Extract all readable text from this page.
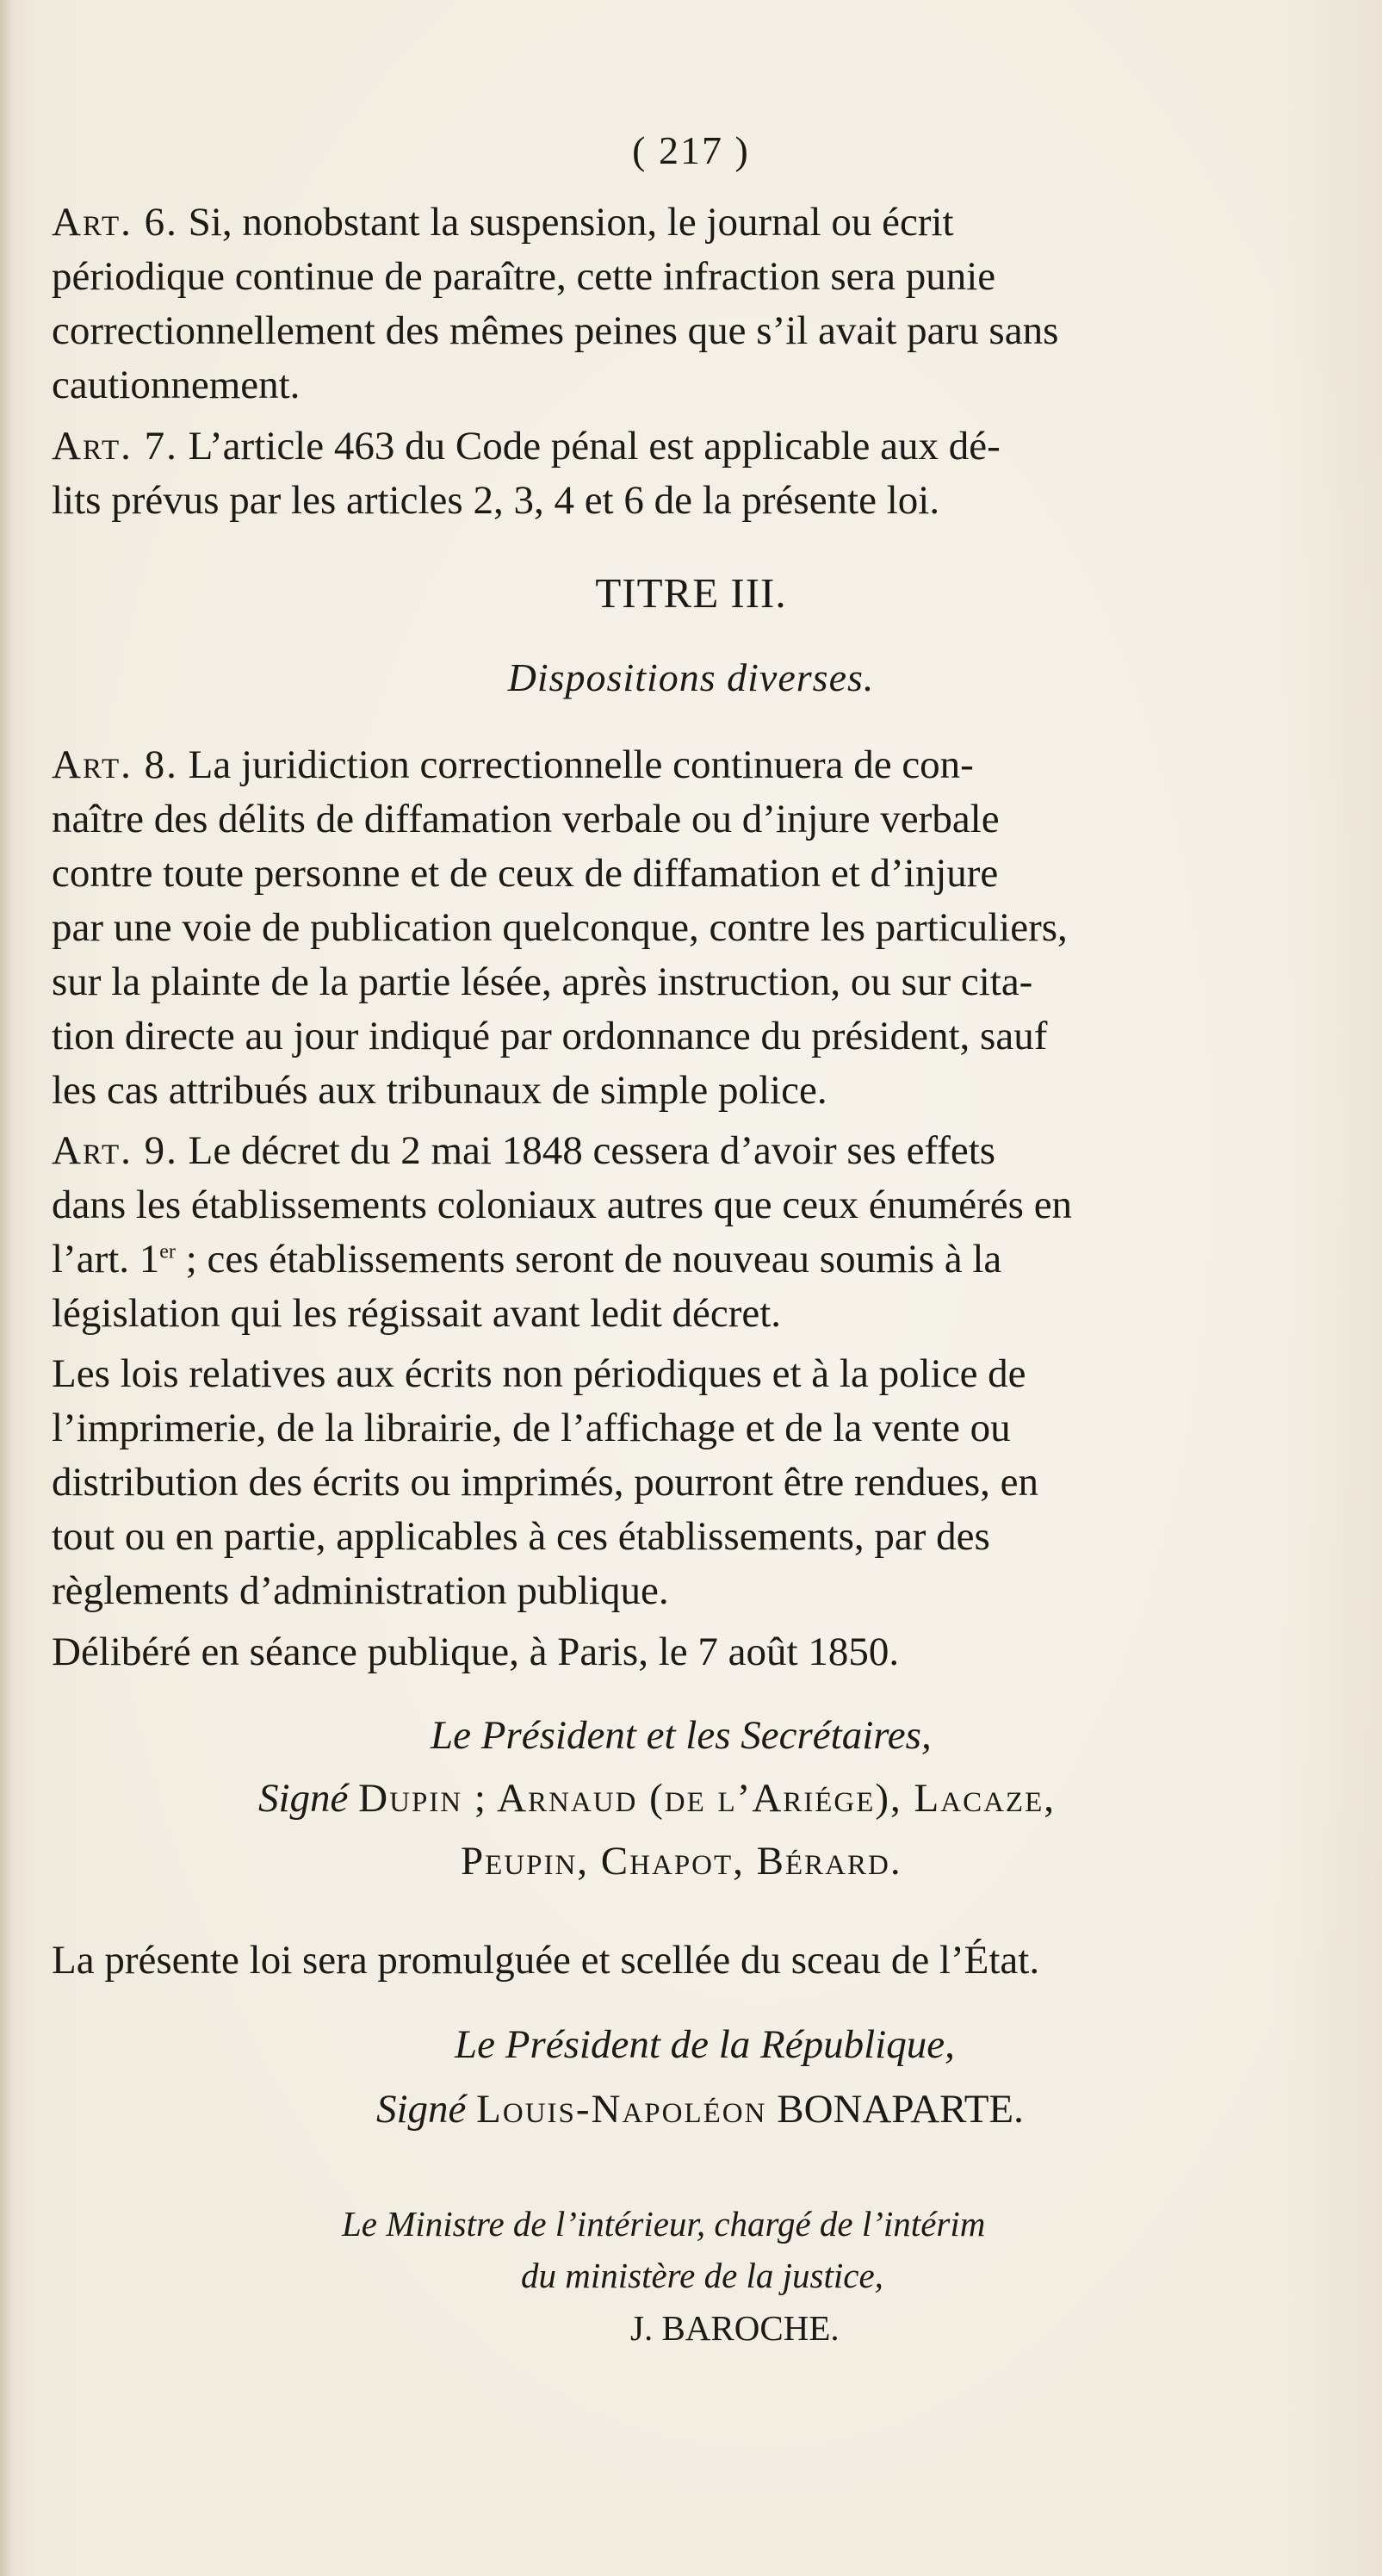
( 217 )
Art. 6. Si, nonobstant la suspension, le journal ou écrit
périodique continue de paraître, cette infraction sera punie
correctionnellement des mêmes peines que s’il avait paru sans
cautionnement.
Art. 7. L’article 463 du Code pénal est applicable aux dé-
lits prévus par les articles 2, 3, 4 et 6 de la présente loi.
TITRE III.
Dispositions diverses.
Art. 8. La juridiction correctionnelle continuera de con-
naître des délits de diffamation verbale ou d’injure verbale
contre toute personne et de ceux de diffamation et d’injure
par une voie de publication quelconque, contre les particuliers,
sur la plainte de la partie lésée, après instruction, ou sur cita-
tion directe au jour indiqué par ordonnance du président, sauf
les cas attribués aux tribunaux de simple police.
Art. 9. Le décret du 2 mai 1848 cessera d’avoir ses effets
dans les établissements coloniaux autres que ceux énumérés en
l’art. 1er ; ces établissements seront de nouveau soumis à la
législation qui les régissait avant ledit décret.
Les lois relatives aux écrits non périodiques et à la police de
l’imprimerie, de la librairie, de l’affichage et de la vente ou
distribution des écrits ou imprimés, pourront être rendues, en
tout ou en partie, applicables à ces établissements, par des
règlements d’administration publique.
Délibéré en séance publique, à Paris, le 7 août 1850.
Le Président et les Secrétaires,
Signé Dupin ; Arnaud (de l’Ariége), Lacaze,
Peupin, Chapot, Bérard.
La présente loi sera promulguée et scellée du sceau de l’État.
Le Président de la République,
Signé Louis-Napoléon BONAPARTE.
Le Ministre de l’intérieur, chargé de l’intérim
du ministère de la justice,
J. BAROCHE.
